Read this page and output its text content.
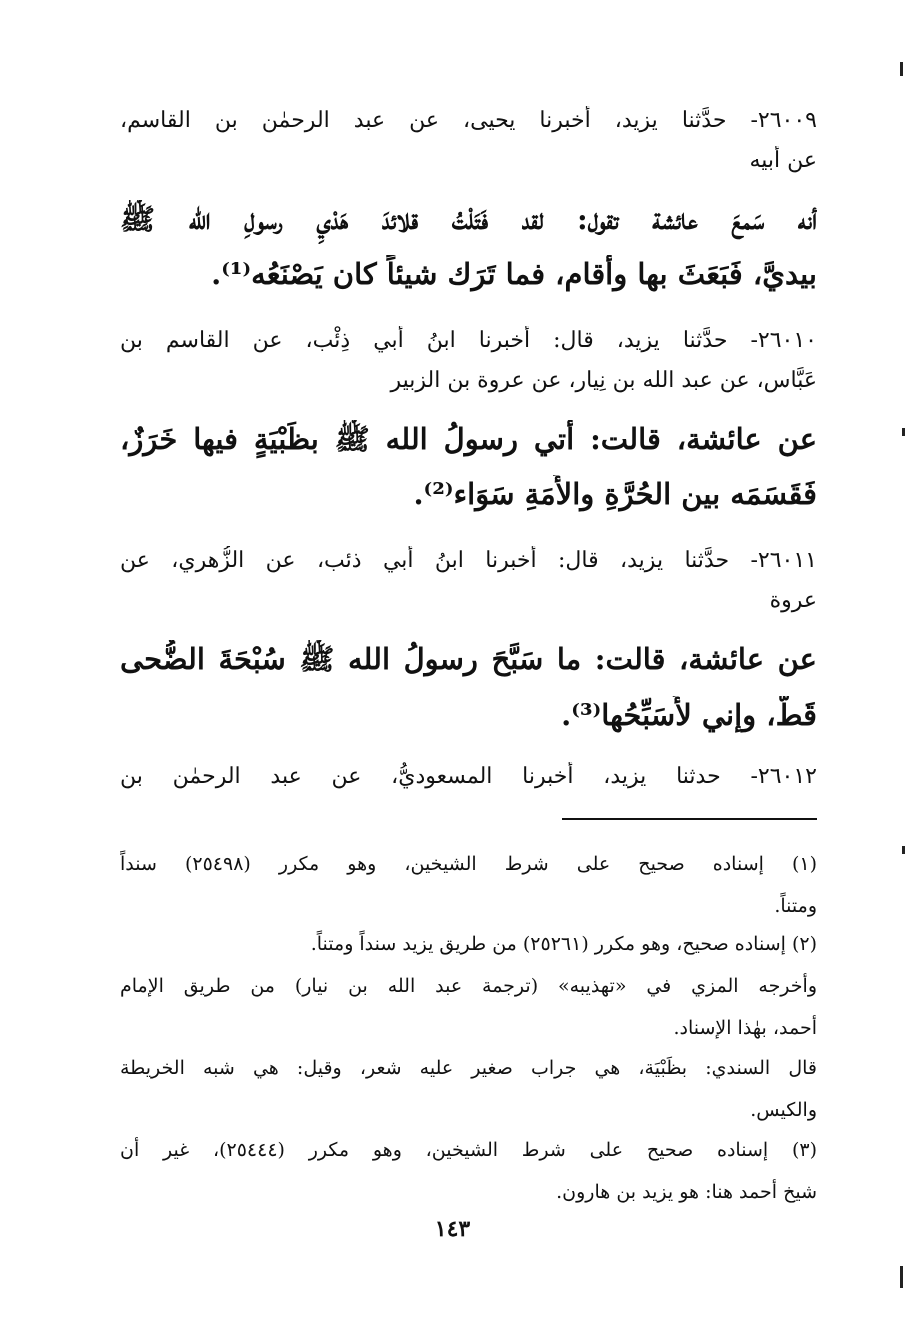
٢٦٠٠٩- حدَّثنا يزيد، أخبرنا يحيى، عن عبد الرحمٰن بن القاسم،
عن أبيه
أنه سَمعَ عائشة تقول: لقد فَتَلْتُ قلائدَ هَدْيِ رسولِ الله ﷺ
بيديَّ، فَبَعَثَ بها وأقام، فما تَرَك شيئاً كان يَصْنَعُه⁽¹⁾.
٢٦٠١٠- حدَّثنا يزيد، قال: أخبرنا ابنُ أبي ذِئْب، عن القاسم بن
عَبَّاس، عن عبد الله بن نِيار، عن عروة بن الزبير
عن عائشة، قالت: أُتي رسولُ الله ﷺ بظَبْيَةٍ فيها خَرَزٌ،
فَقَسَمَه بين الحُرَّةِ والأَمَةِ سَوَاء⁽²⁾.
٢٦٠١١- حدَّثنا يزيد، قال: أخبرنا ابنُ أبي ذئب، عن الزُّهري، عن
عروة
عن عائشة، قالت: ما سَبَّحَ رسولُ الله ﷺ سُبْحَةَ الضُّحى
قَطُّ، وإني لأُسَبِّحُها⁽³⁾.
٢٦٠١٢- حدثنا يزيد، أخبرنا المسعوديُّ، عن عبد الرحمٰن بن
(١) إسناده صحيح على شرط الشيخين، وهو مكرر (٢٥٤٩٨) سنداً
ومتناً.
(٢) إسناده صحيح، وهو مكرر (٢٥٢٦١) من طريق يزيد سنداً ومتناً.
وأخرجه المزي في «تهذيبه» (ترجمة عبد الله بن نيار) من طريق الإمام
أحمد، بهٰذا الإسناد.
قال السندي: بظَبْيَة، هي جراب صغير عليه شعر، وقيل: هي شبه الخريطة
والكيس.
(٣) إسناده صحيح على شرط الشيخين، وهو مكرر (٢٥٤٤٤)، غير أن
شيخ أحمد هنا: هو يزيد بن هارون.
١٤٣
